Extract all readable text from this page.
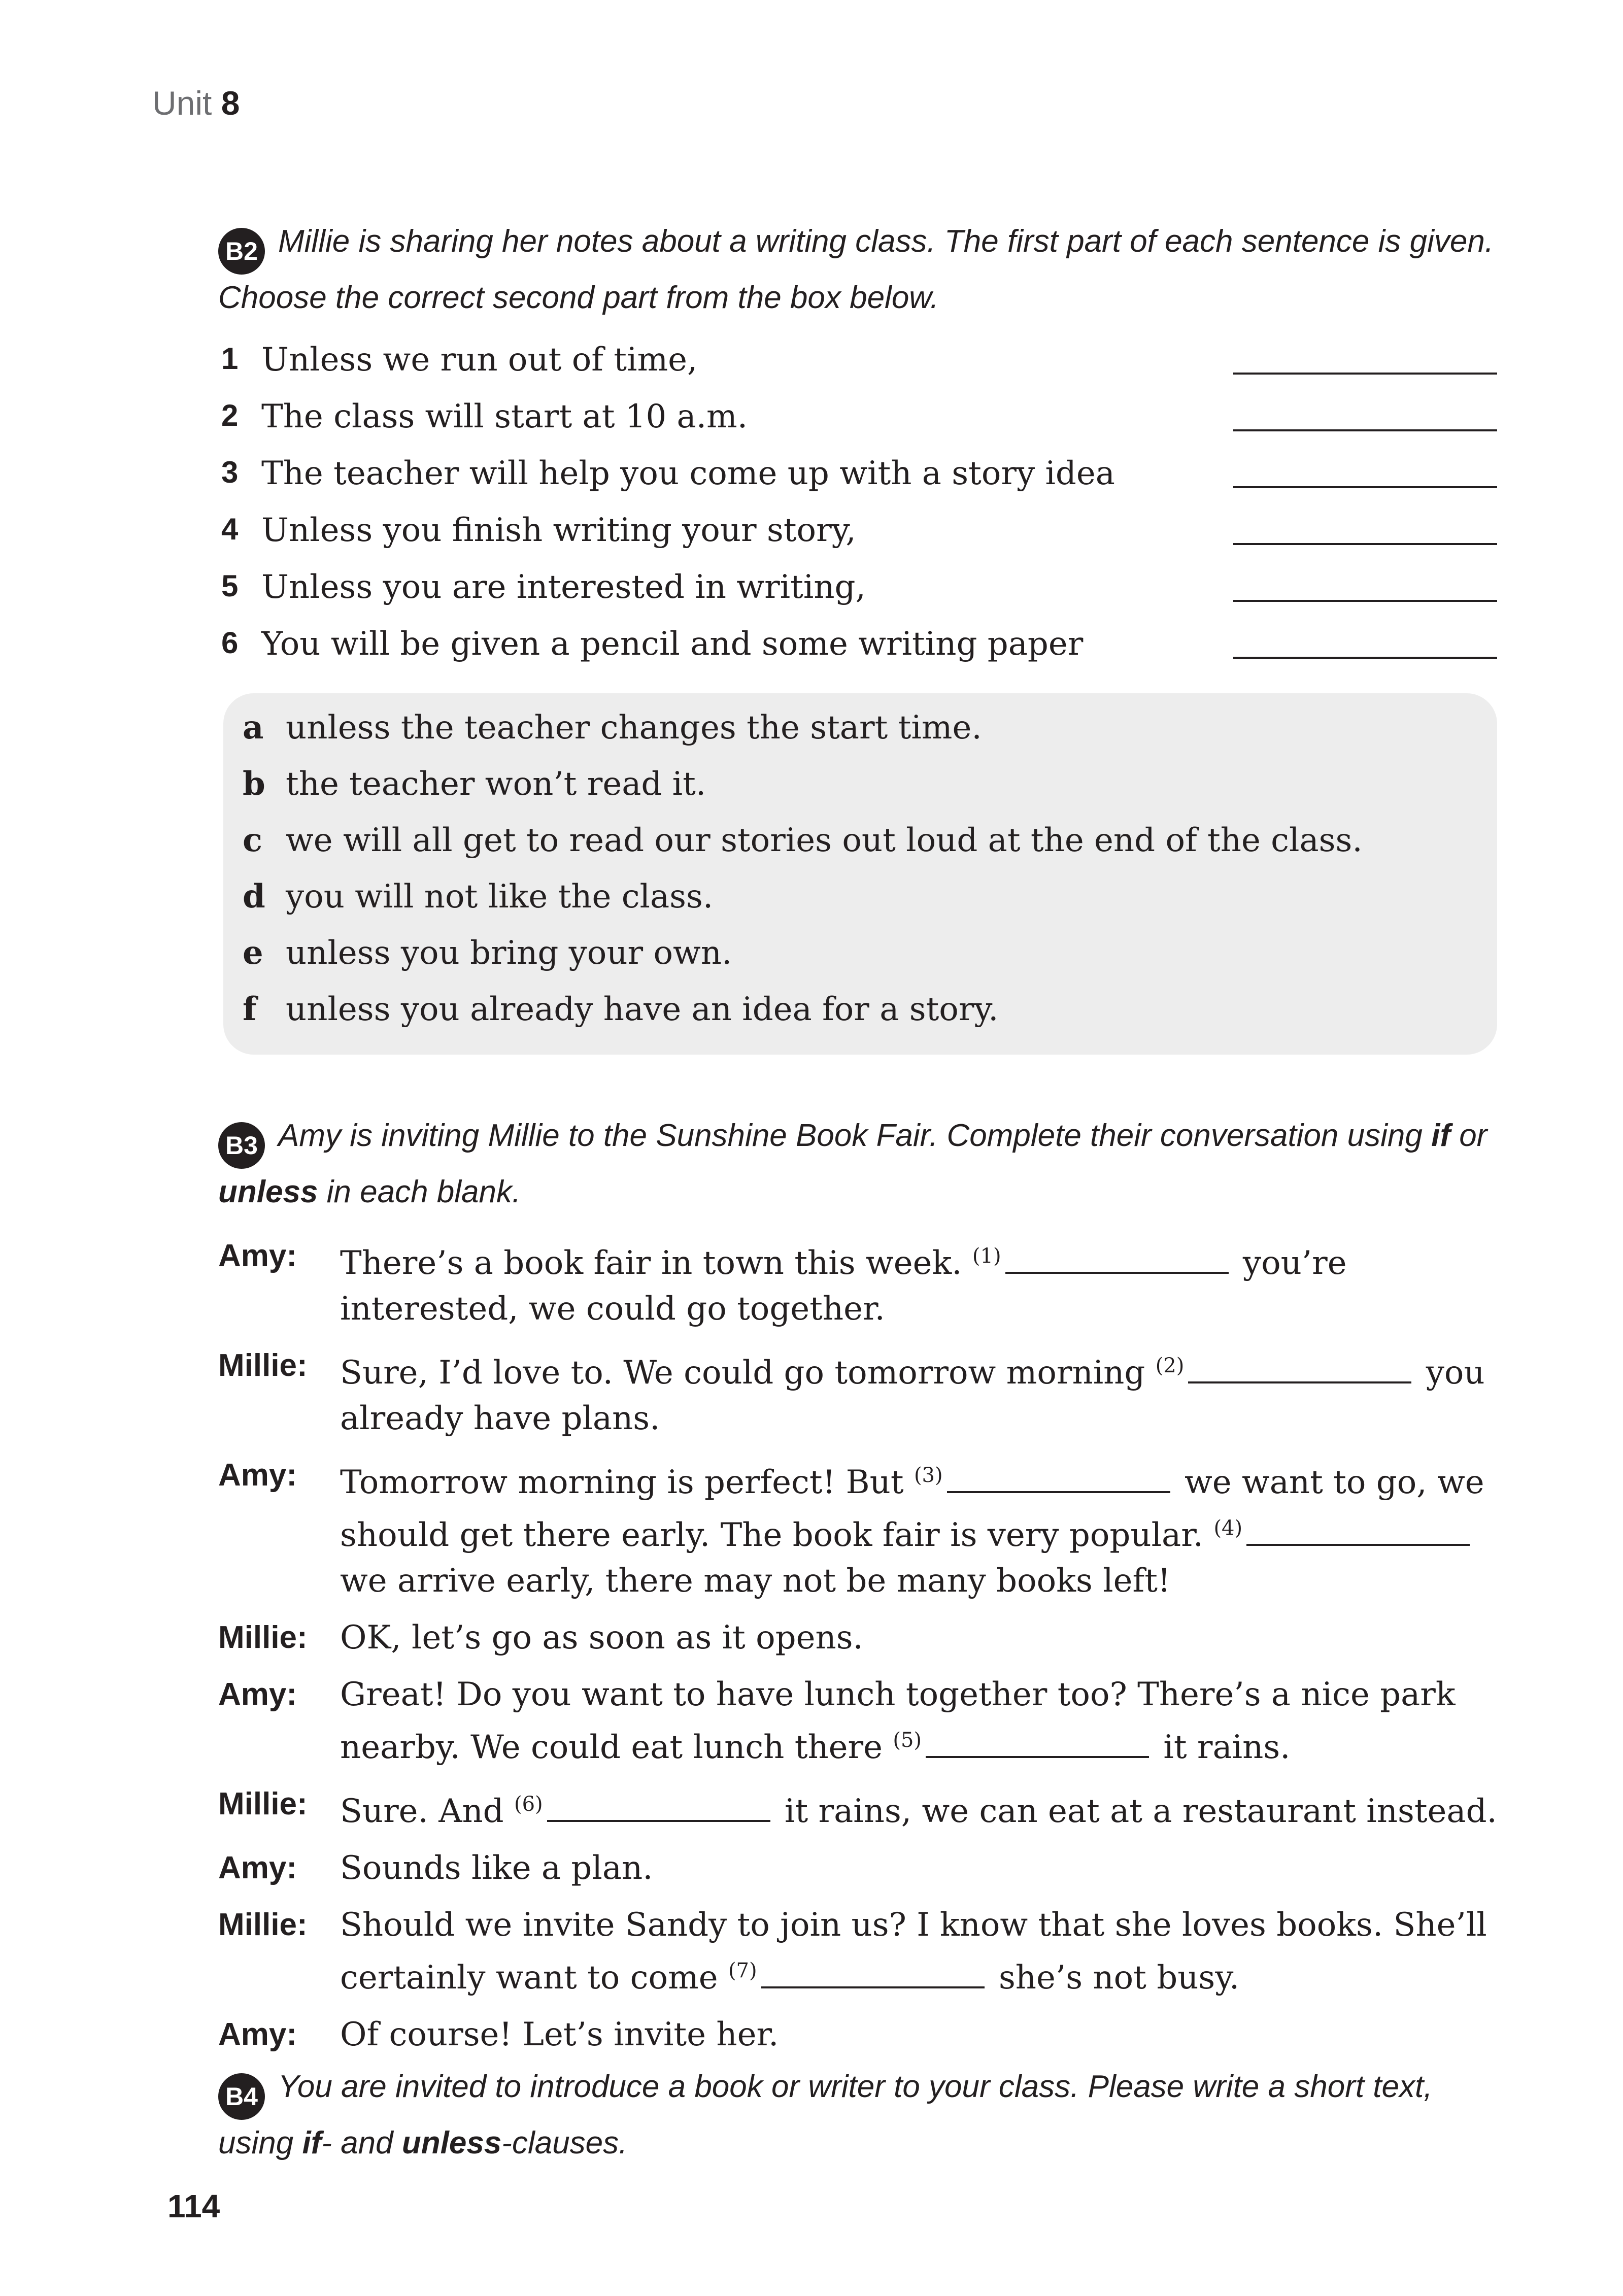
Unit 8
B2 Millie is sharing her notes about a writing class. The first part of each sentence is given. Choose the correct second part from the box below.
1 Unless we run out of time,
2 The class will start at 10 a.m.
3 The teacher will help you come up with a story idea
4 Unless you finish writing your story,
5 Unless you are interested in writing,
6 You will be given a pencil and some writing paper
a unless the teacher changes the start time.
b the teacher won’t read it.
c we will all get to read our stories out loud at the end of the class.
d you will not like the class.
e unless you bring your own.
f unless you already have an idea for a story.
B3 Amy is inviting Millie to the Sunshine Book Fair. Complete their conversation using if or unless in each blank.
Amy:	There’s a book fair in town this week. $^{(1)}$	you’re interested, we could go together.
Millie:	Sure, I’d love to. We could go tomorrow morning $^{(2)}$	you already have plans.
Amy:	Tomorrow morning is perfect! But $^{(3)}$	we want to go, we should get there early. The book fair is very popular. $^{(4)}$ we arrive early, there may not be many books left!
Millie:	OK, let’s go as soon as it opens.
Amy:	Great! Do you want to have lunch together too? There’s a nice park nearby. We could eat lunch there $^{(5)}$	it rains.
Millie:	Sure. And $^{(6)}$	it rains, we can eat at a restaurant instead.
Amy:	Sounds like a plan.
Millie:	Should we invite Sandy to join us? I know that she loves books. She’ll certainly want to come $^{(7)}$	she’s not busy.
Amy:	Of course! Let’s invite her.
B4 You are invited to introduce a book or writer to your class. Please write a short text, using if- and unless-clauses.
114
